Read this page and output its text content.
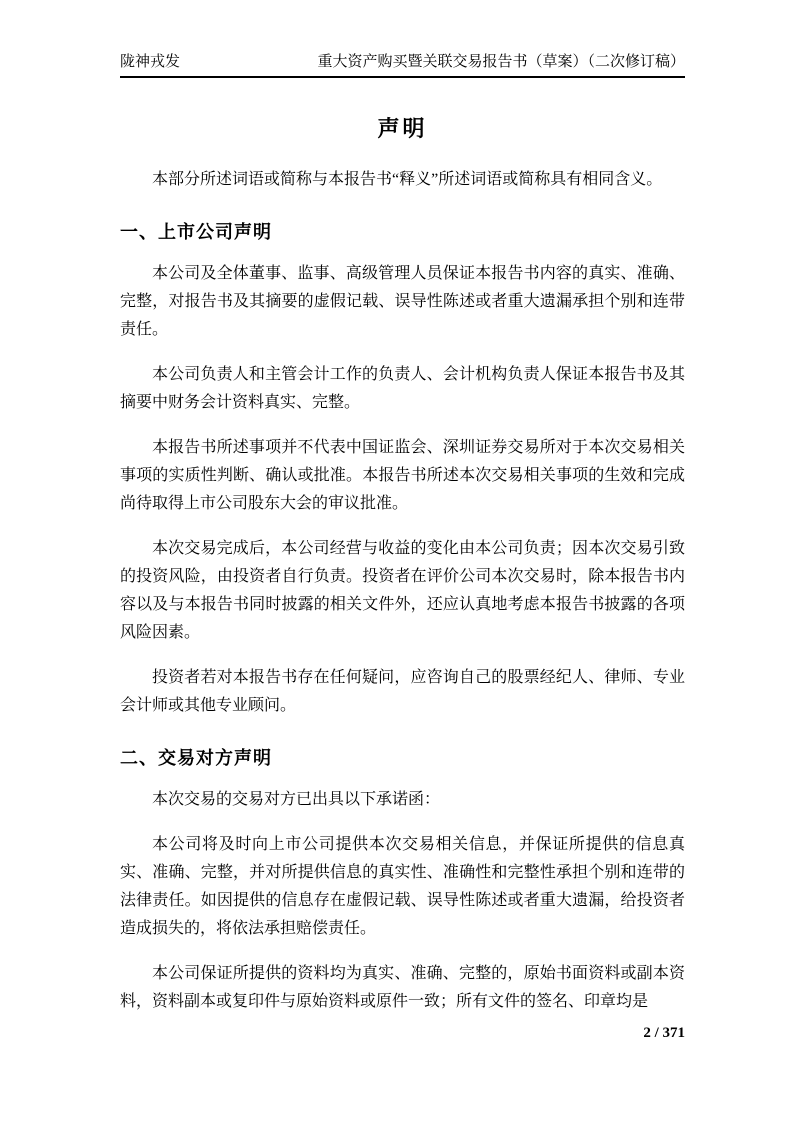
陇神戎发	重大资产购买暨关联交易报告书（草案）（二次修订稿）
声明

本部分所述词语或简称与本报告书“释义”所述词语或简称具有相同含义。

一、上市公司声明

本公司及全体董事、监事、高级管理人员保证本报告书内容的真实、准确、完整，对报告书及其摘要的虚假记载、误导性陈述或者重大遗漏承担个别和连带责任。

本公司负责人和主管会计工作的负责人、会计机构负责人保证本报告书及其摘要中财务会计资料真实、完整。

本报告书所述事项并不代表中国证监会、深圳证券交易所对于本次交易相关事项的实质性判断、确认或批准。本报告书所述本次交易相关事项的生效和完成尚待取得上市公司股东大会的审议批准。

本次交易完成后，本公司经营与收益的变化由本公司负责；因本次交易引致的投资风险，由投资者自行负责。投资者在评价公司本次交易时，除本报告书内容以及与本报告书同时披露的相关文件外，还应认真地考虑本报告书披露的各项风险因素。

投资者若对本报告书存在任何疑问，应咨询自己的股票经纪人、律师、专业会计师或其他专业顾问。

二、交易对方声明

本次交易的交易对方已出具以下承诺函：

本公司将及时向上市公司提供本次交易相关信息，并保证所提供的信息真实、准确、完整，并对所提供信息的真实性、准确性和完整性承担个别和连带的法律责任。如因提供的信息存在虚假记载、误导性陈述或者重大遗漏，给投资者造成损失的，将依法承担赔偿责任。

本公司保证所提供的资料均为真实、准确、完整的，原始书面资料或副本资料，资料副本或复印件与原始资料或原件一致；所有文件的签名、印章均是

2 / 371
